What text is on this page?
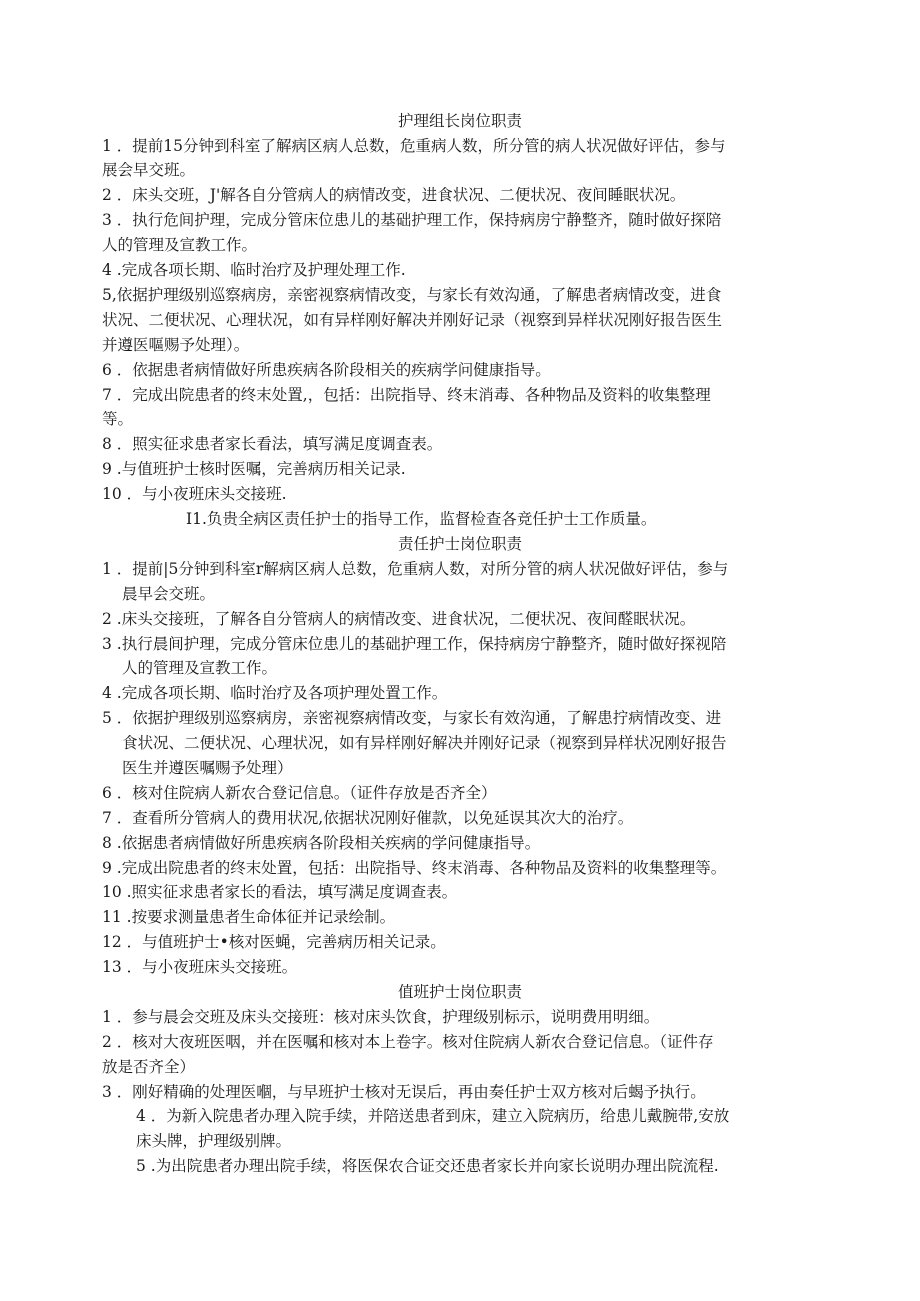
护理组长岗位职责
1 ．提前15分钟到科室了解病区病人总数，危重病人数，所分管的病人状况做好评估，参与
展会早交班。
2 ．床头交班，J'解各自分管病人的病情改变，进食状况、二便状况、夜间睡眠状况。
3 ．执行危间护理，完成分管床位患儿的基础护理工作，保持病房宁静整齐，随时做好探陪
人的管理及宣教工作。
4 .完成各项长期、临时治疗及护理处理工作.
5,依据护理级别巡察病房，亲密视察病情改变，与家长有效沟通，了解患者病情改变，进食
状况、二便状况、心理状况，如有异样刚好解决并刚好记录（视察到异样状况刚好报告医生
并遵医嘔赐予处理）。
6 ．依据患者病情做好所患疾病各阶段相关的疾病学问健康指导。
7 ．完成出院患者的终末处置,，包括：出院指导、终末消毒、各种物品及资料的收集整理
等。
8 ．照实征求患者家长看法，填写满足度调査表。
9 .与值班护士核时医嘱，完善病历相关记录.
10 ．与小夜班床头交接班.
I1.负贵全病区责任护士的指导工作，监督检查各竞任护士工作质量。
责任护士岗位职责
1 ．提前|5分钟到科室r解病区病人总数，危重病人数，对所分管的病人状况做好评估，参与
晨早会交班。
2 .床头交接班，了解各自分管病人的病情改变、进食状况，二便状况、夜间醛眠状况。
3 .执行晨间护理，完成分管床位患儿的基础护理工作，保持病房宁静整齐，随时做好探视陪
人的管理及宣教工作。
4 .完成各项长期、临时治疗及各项护理处置工作。
5 ．依据护理级别巡察病房，亲密视察病情改变，与家长有效沟通，了解患拧病情改变、进
食状况、二便状况、心理状况，如有异样刚好解决并刚好记录（视察到异样状况刚好报告
医生并遵医嘱赐予处理）
6 ．核对住院病人新农合登记信息。（证件存放是否齐全）
7 ．查看所分管病人的费用状况,依据状况刚好催款，以免延误其次大的治疗。
8 .依据患者病情做好所患疾病各阶段相关疾病的学问健康指导。
9 .完成出院患者的终末处置，包括：出院指导、终末消毒、各种物品及资料的收集整理等。
10 .照实征求患者家长的看法，填写满足度调查表。
11 .按要求测量患者生命体征并记录绘制。
12 ．与值班护士•核对医蝇，完善病历相关记录。
13 ．与小夜班床头交接班。
值班护士岗位职责
1 ．参与晨会交班及床头交接班：核对床头饮食，护理级别标示，说明费用明细。
2 ．核对大夜班医咽，并在医嘱和核对本上卷字。核对住院病人新农合登记信息。（证件存
放是否齐全）
3 ．刚好精确的处理医嗰，与早班护士核对无误后，再由奏任护士双方核对后蝎予执行。
4 ．为新入院患者办理入院手续，并陪送患者到床，建立入院病历，给患儿戴腕带,安放
床头牌，护理级别牌。
5 .为出院患者办理出院手续，将医保农合证交还患者家长并向家长说明办理出院流程.
